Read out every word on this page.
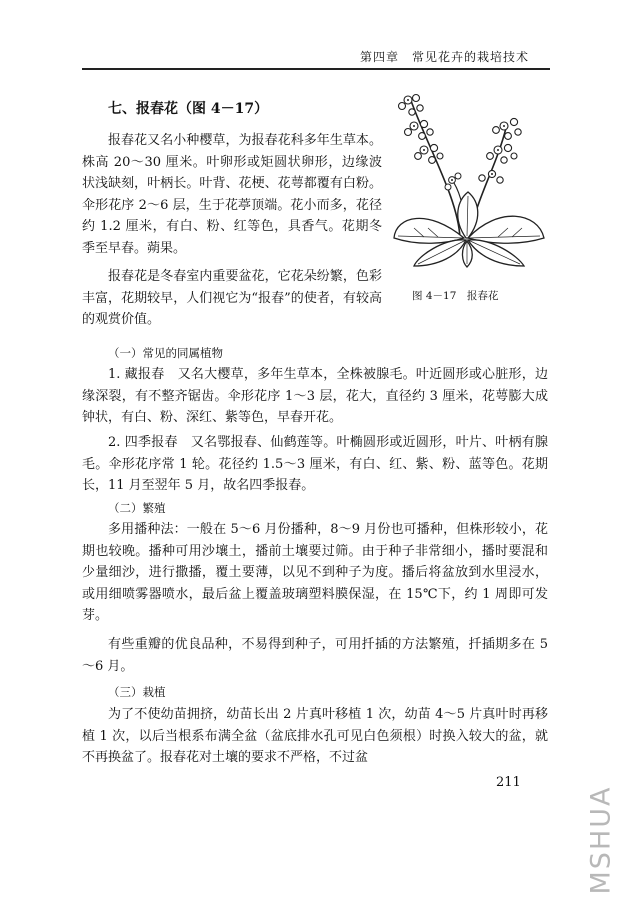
第四章　常见花卉的栽培技术
七、报春花（图 4－17）

报春花又名小种樱草，为报春花科多年生草本。株高 20～30 厘米。叶卵形或矩圆状卵形，边缘波状浅缺刻，叶柄长。叶背、花梗、花萼都覆有白粉。伞形花序 2～6 层，生于花葶顶端。花小而多，花径约 1.2 厘米，有白、粉、红等色，具香气。花期冬季至早春。蒴果。

报春花是冬春室内重要盆花，它花朵纷繁，色彩丰富，花期较早，人们视它为“报春”的使者，有较高的观赏价值。

图 4－17　报春花
（一）常见的同属植物

1. 藏报春　又名大樱草，多年生草本，全株被腺毛。叶近圆形或心脏形，边缘深裂，有不整齐锯齿。伞形花序 1～3 层，花大，直径约 3 厘米，花萼膨大成钟状，有白、粉、深红、紫等色，早春开花。

2. 四季报春　又名鄂报春、仙鹤莲等。叶椭圆形或近圆形，叶片、叶柄有腺毛。伞形花序常 1 轮。花径约 1.5～3 厘米，有白、红、紫、粉、蓝等色。花期长，11 月至翌年 5 月，故名四季报春。

（二）繁殖

多用播种法：一般在 5～6 月份播种，8～9 月份也可播种，但株形较小，花期也较晚。播种可用沙壤土，播前土壤要过筛。由于种子非常细小，播时要混和少量细沙，进行撒播，覆土要薄，以见不到种子为度。播后将盆放到水里浸水，或用细喷雾器喷水，最后盆上覆盖玻璃塑料膜保湿，在 15℃下，约 1 周即可发芽。

有些重瓣的优良品种，不易得到种子，可用扦插的方法繁殖，扦插期多在 5～6 月。

（三）栽植

为了不使幼苗拥挤，幼苗长出 2 片真叶移植 1 次，幼苗 4～5 片真叶时再移植 1 次，以后当根系布满全盆（盆底排水孔可见白色须根）时换入较大的盆，就不再换盆了。报春花对土壤的要求不严格，不过盆

211
MSHUA
